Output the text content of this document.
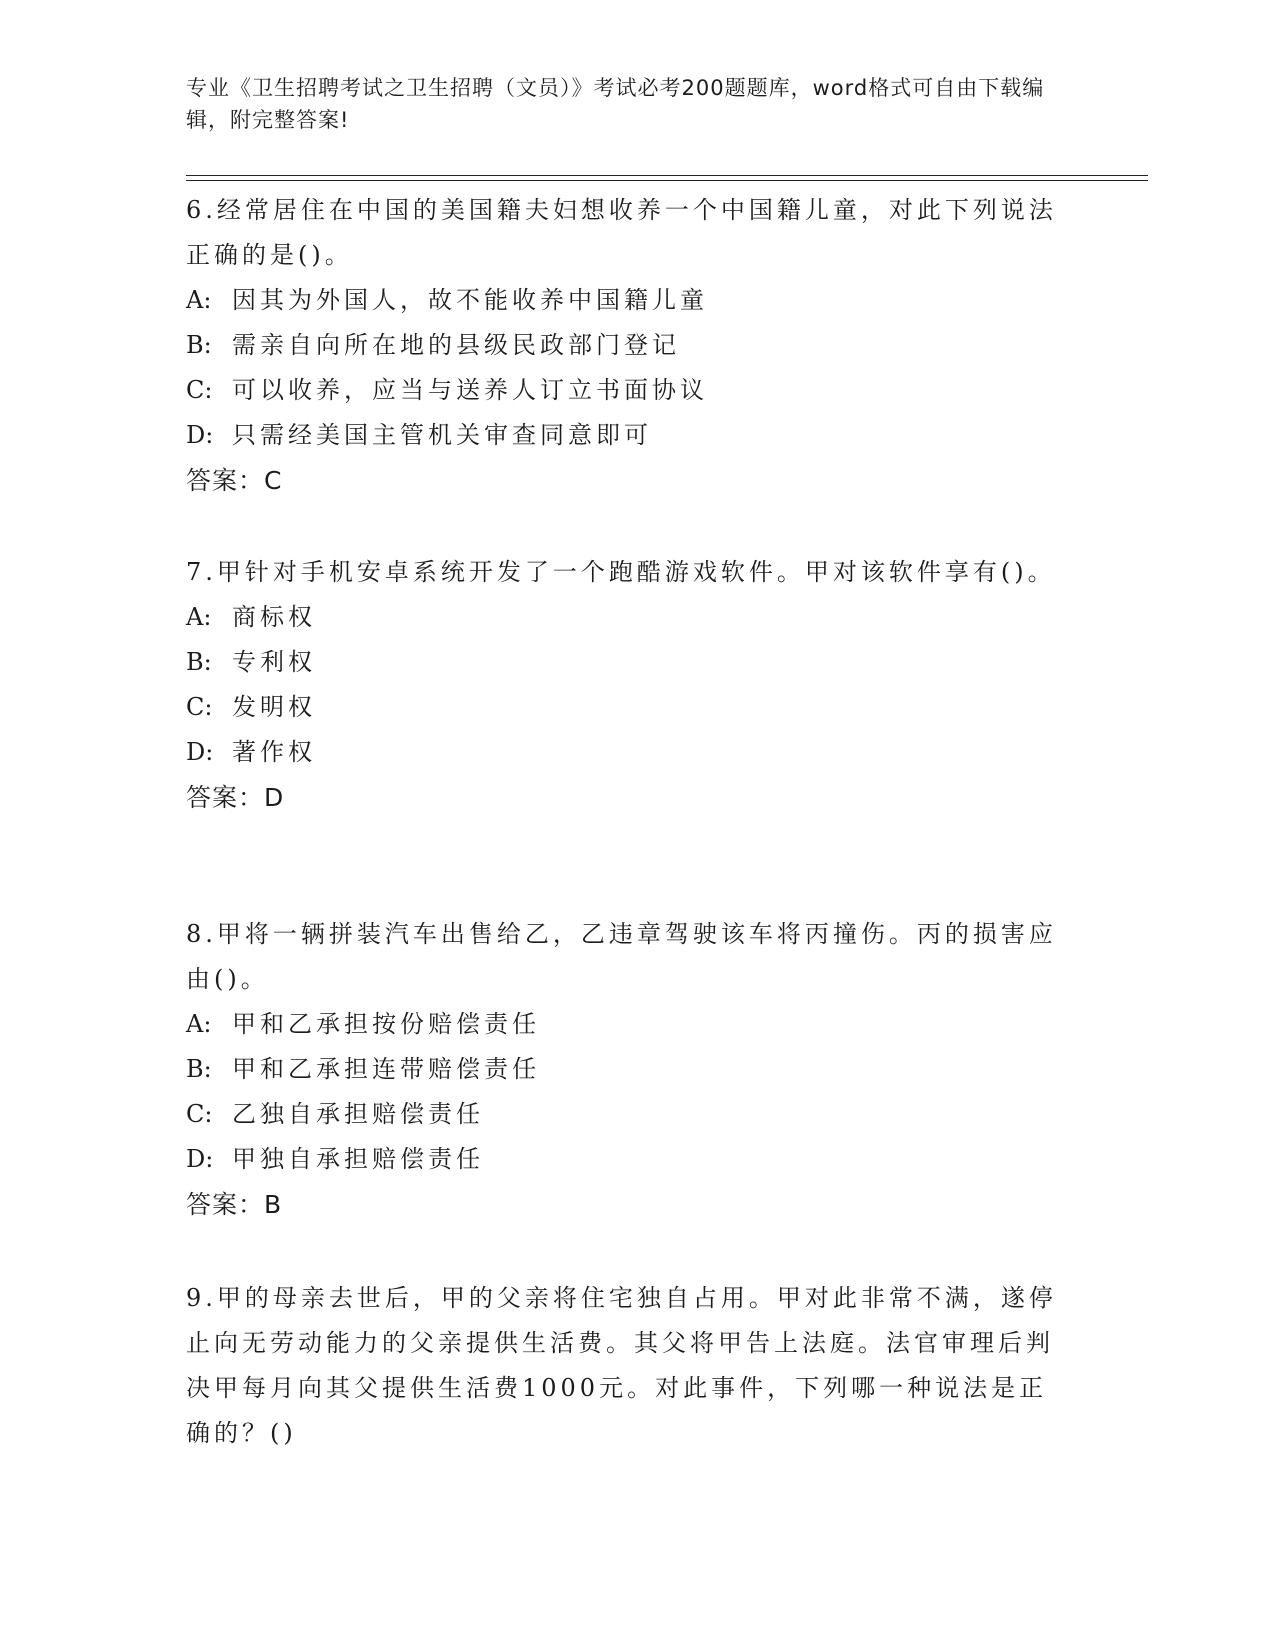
专业《卫生招聘考试之卫生招聘（文员）》考试必考200题题库，word格式可自由下载编辑，附完整答案!

6.经常居住在中国的美国籍夫妇想收养一个中国籍儿童，对此下列说法正确的是()。

A: 因其为外国人，故不能收养中国籍儿童

B: 需亲自向所在地的县级民政部门登记

C: 可以收养，应当与送养人订立书面协议

D: 只需经美国主管机关审查同意即可

答案：C

7.甲针对手机安卓系统开发了一个跑酷游戏软件。甲对该软件享有()。

A: 商标权

B: 专利权

C: 发明权

D: 著作权

答案：D

8.甲将一辆拼装汽车出售给乙，乙违章驾驶该车将丙撞伤。丙的损害应由()。

A: 甲和乙承担按份赔偿责任

B: 甲和乙承担连带赔偿责任

C: 乙独自承担赔偿责任

D: 甲独自承担赔偿责任

答案：B

9.甲的母亲去世后，甲的父亲将住宅独自占用。甲对此非常不满，遂停止向无劳动能力的父亲提供生活费。其父将甲告上法庭。法官审理后判决甲每月向其父提供生活费1000元。对此事件，下列哪一种说法是正确的？()
